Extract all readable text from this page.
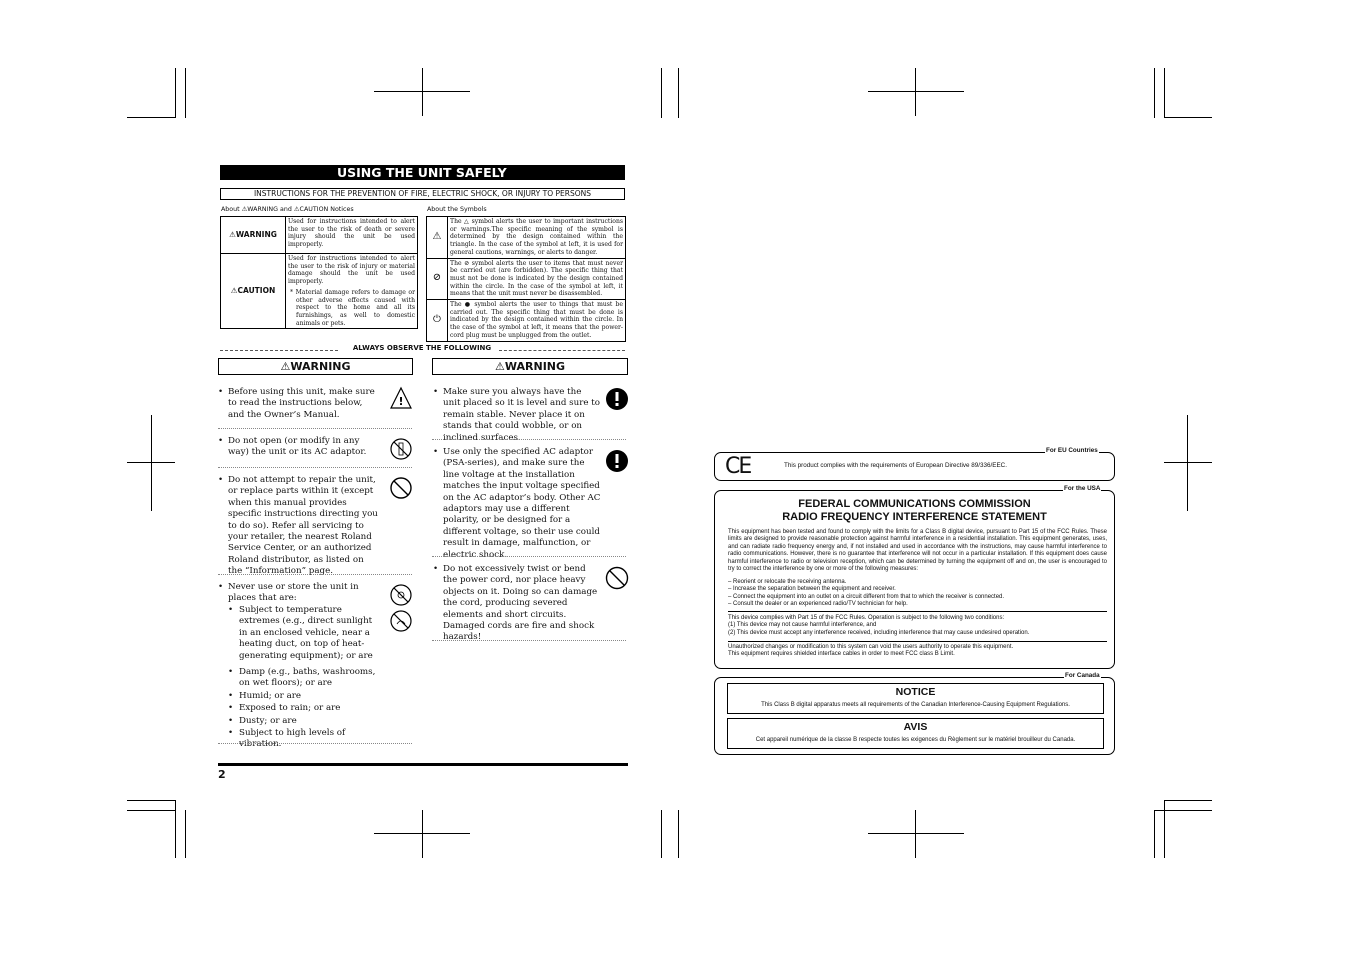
USING THE UNIT SAFELY
INSTRUCTIONS FOR THE PREVENTION OF FIRE, ELECTRIC SHOCK, OR INJURY TO PERSONS
About ⚠WARNING and ⚠CAUTION Notices	About the Symbols
⚠WARNING	Used for instructions intended to alert the user to the risk of death or severe injury should the unit be used improperly.
⚠CAUTION	Used for instructions intended to alert the user to the risk of injury or material damage should the unit be used improperly.
* Material damage refers to damage or other adverse effects caused with respect to the home and all its furnishings, as well to domestic animals or pets.
⚠	The △ symbol alerts the user to important instructions or warnings.The specific meaning of the symbol is determined by the design contained within the triangle. In the case of the symbol at left, it is used for general cautions, warnings, or alerts to danger.
⊘	The ⊘ symbol alerts the user to items that must never be carried out (are forbidden). The specific thing that must not be done is indicated by the design contained within the circle. In the case of the symbol at left, it means that the unit must never be disassembled.
⏻	The ● symbol alerts the user to things that must be carried out. The specific thing that must be done is indicated by the design contained within the circle. In the case of the symbol at left, it means that the power-cord plug must be unplugged from the outlet.
ALWAYS OBSERVE THE FOLLOWING
⚠WARNING	⚠WARNING
• Before using this unit, make sure to read the instructions below, and the Owner’s Manual.
!
• Do not open (or modify in any way) the unit or its AC adaptor.
• Do not attempt to repair the unit, or replace parts within it (except when this manual provides specific instructions directing you to do so). Refer all servicing to your retailer, the nearest Roland Service Center, or an authorized Roland distributor, as listed on the “Information” page.
• Never use or store the unit in places that are:
• Subject to temperature extremes (e.g., direct sunlight in an enclosed vehicle, near a heating duct, on top of heat-generating equipment); or are
• Damp (e.g., baths, washrooms, on wet floors); or are
• Humid; or are
• Exposed to rain; or are
• Dusty; or are
• Subject to high levels of vibration.
• Make sure you always have the unit placed so it is level and sure to remain stable. Never place it on stands that could wobble, or on inclined surfaces.
• Use only the specified AC adaptor (PSA-series), and make sure the line voltage at the installation matches the input voltage specified on the AC adaptor’s body. Other AC adaptors may use a different polarity, or be designed for a different voltage, so their use could result in damage, malfunction, or electric shock.
• Do not excessively twist or bend the power cord, nor place heavy objects on it. Doing so can damage the cord, producing severed elements and short circuits. Damaged cords are fire and shock hazards!
2
CE	This product complies with the requirements of European Directive 89/336/EEC.
For EU Countries
FEDERAL COMMUNICATIONS COMMISSION
RADIO FREQUENCY INTERFERENCE STATEMENT
This equipment has been tested and found to comply with the limits for a Class B digital device, pursuant to Part 15 of the FCC Rules. These limits are designed to provide reasonable protection against harmful interference in a residential installation. This equipment generates, uses, and can radiate radio frequency energy and, if not installed and used in accordance with the instructions, may cause harmful interference to radio communications. However, there is no guarantee that interference will not occur in a particular installation. If this equipment does cause harmful interference to radio or television reception, which can be determined by turning the equipment off and on, the user is encouraged to try to correct the interference by one or more of the following measures:
– Reorient or relocate the receiving antenna.
– Increase the separation between the equipment and receiver.
– Connect the equipment into an outlet on a circuit different from that to which the receiver is connected.
– Consult the dealer or an experienced radio/TV technician for help.
This device complies with Part 15 of the FCC Rules. Operation is subject to the following two conditions:
(1) This device may not cause harmful interference, and
(2) This device must accept any interference received, including interference that may cause undesired operation.
Unauthorized changes or modification to this system can void the users authority to operate this equipment.
This equipment requires shielded interface cables in order to meet FCC class B Limit.
For the USA
NOTICE
This Class B digital apparatus meets all requirements of the Canadian Interference-Causing Equipment Regulations.
AVIS
Cet appareil numérique de la classe B respecte toutes les exigences du Règlement sur le matériel brouilleur du Canada.
For Canada
